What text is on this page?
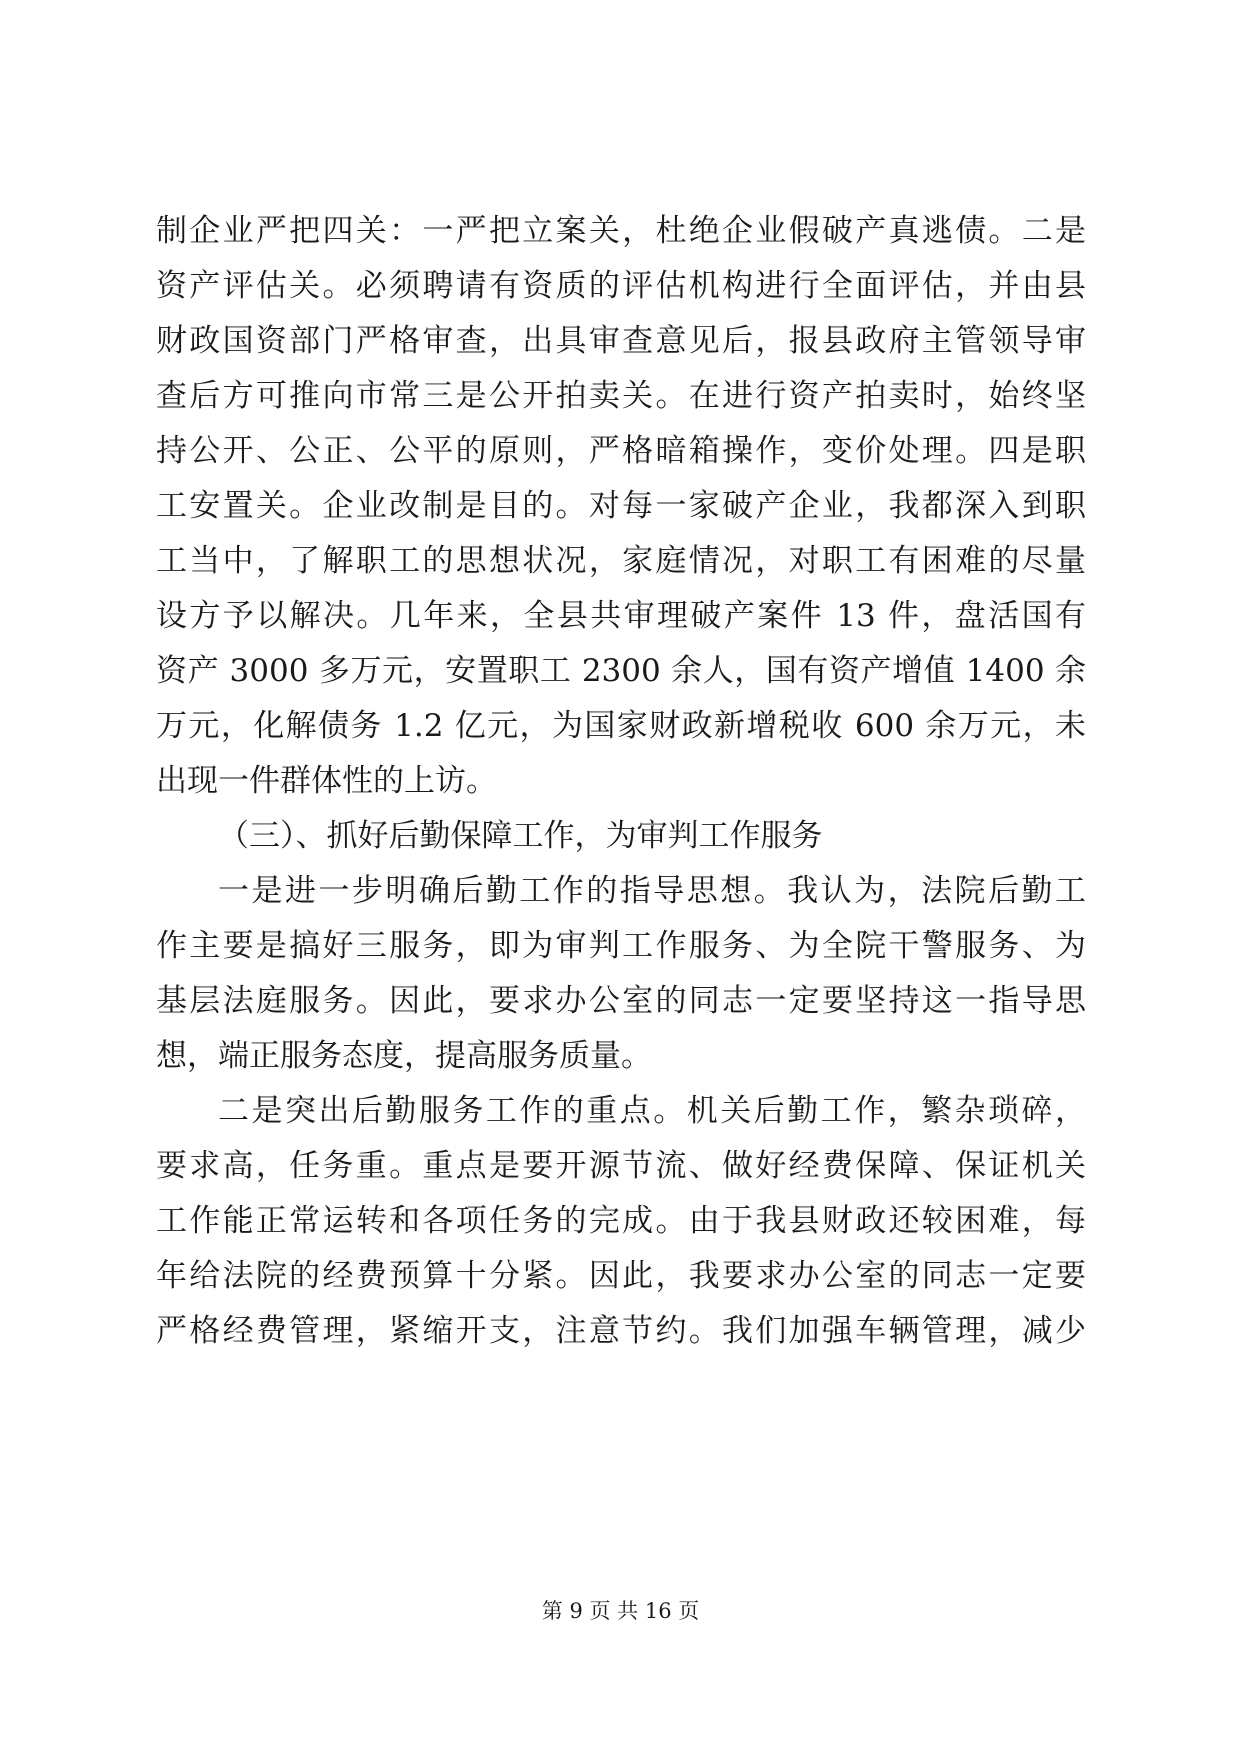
制企业严把四关：一严把立案关，杜绝企业假破产真逃债。二是
资产评估关。必须聘请有资质的评估机构进行全面评估，并由县
财政国资部门严格审查，出具审查意见后，报县政府主管领导审
查后方可推向市常三是公开拍卖关。在进行资产拍卖时，始终坚
持公开、公正、公平的原则，严格暗箱操作，变价处理。四是职
工安置关。企业改制是目的。对每一家破产企业，我都深入到职
工当中，了解职工的思想状况，家庭情况，对职工有困难的尽量
设方予以解决。几年来，全县共审理破产案件 13 件，盘活国有
资产 3000 多万元，安置职工 2300 余人，国有资产增值 1400 余
万元，化解债务 1.2 亿元，为国家财政新增税收 600 余万元，未
出现一件群体性的上访。
（三）、抓好后勤保障工作，为审判工作服务
一是进一步明确后勤工作的指导思想。我认为，法院后勤工
作主要是搞好三服务，即为审判工作服务、为全院干警服务、为
基层法庭服务。因此，要求办公室的同志一定要坚持这一指导思
想，端正服务态度，提高服务质量。
二是突出后勤服务工作的重点。机关后勤工作，繁杂琐碎，
要求高，任务重。重点是要开源节流、做好经费保障、保证机关
工作能正常运转和各项任务的完成。由于我县财政还较困难，每
年给法院的经费预算十分紧。因此，我要求办公室的同志一定要
严格经费管理，紧缩开支，注意节约。我们加强车辆管理，减少
第 9 页 共 16 页
